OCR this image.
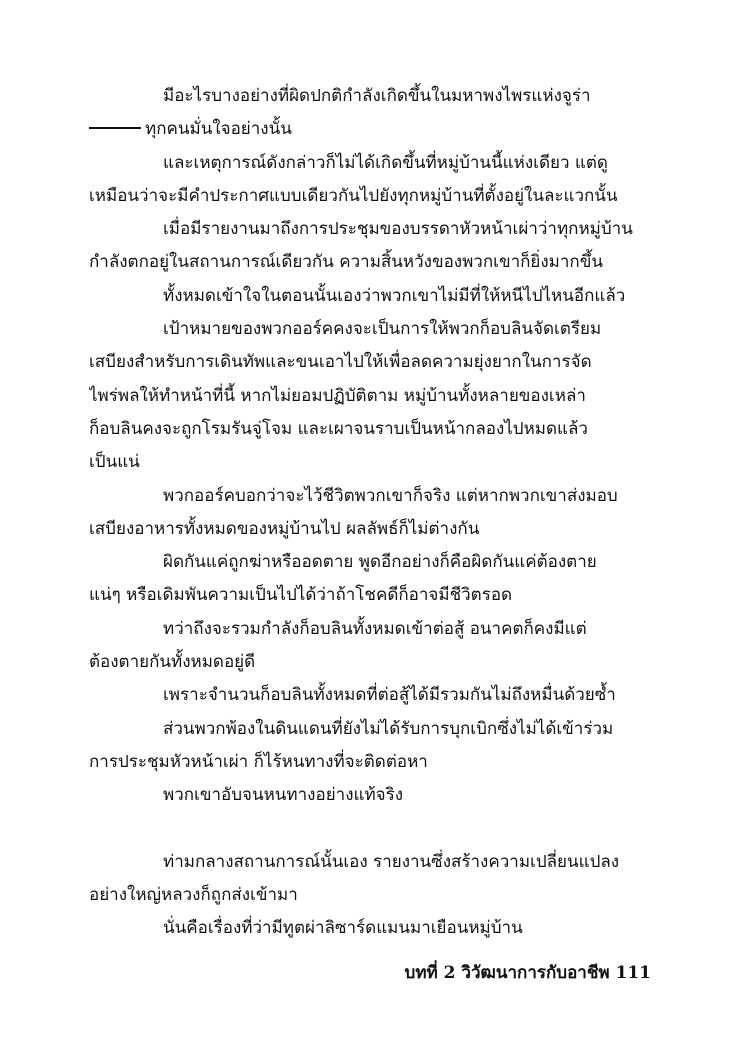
มีอะไรบางอย่างที่ผิดปกติกำลังเกิดขึ้นในมหาพงไพรแห่งจูร่า
ทุกคนมั่นใจอย่างนั้น
และเหตุการณ์ดังกล่าวก็ไม่ได้เกิดขึ้นที่หมู่บ้านนี้แห่งเดียว แต่ดู
เหมือนว่าจะมีคำประกาศแบบเดียวกันไปยังทุกหมู่บ้านที่ตั้งอยู่ในละแวกนั้น
เมื่อมีรายงานมาถึงการประชุมของบรรดาหัวหน้าเผ่าว่าทุกหมู่บ้าน
กำลังตกอยู่ในสถานการณ์เดียวกัน ความสิ้นหวังของพวกเขาก็ยิ่งมากขึ้น
ทั้งหมดเข้าใจในตอนนั้นเองว่าพวกเขาไม่มีที่ให้หนีไปไหนอีกแล้ว
เป้าหมายของพวกออร์คคงจะเป็นการให้พวกก็อบลินจัดเตรียม
เสบียงสำหรับการเดินทัพและขนเอาไปให้เพื่อลดความยุ่งยากในการจัด
ไพร่พลให้ทำหน้าที่นี้ หากไม่ยอมปฏิบัติตาม หมู่บ้านทั้งหลายของเหล่า
ก็อบลินคงจะถูกโรมรันจู่โจม และเผาจนราบเป็นหน้ากลองไปหมดแล้ว
เป็นแน่
พวกออร์คบอกว่าจะไว้ชีวิตพวกเขาก็จริง แต่หากพวกเขาส่งมอบ
เสบียงอาหารทั้งหมดของหมู่บ้านไป ผลลัพธ์ก็ไม่ต่างกัน
ผิดกันแค่ถูกฆ่าหรืออดตาย พูดอีกอย่างก็คือผิดกันแค่ต้องตาย
แน่ๆ หรือเดิมพันความเป็นไปได้ว่าถ้าโชคดีก็อาจมีชีวิตรอด
ทว่าถึงจะรวมกำลังก็อบลินทั้งหมดเข้าต่อสู้ อนาคตก็คงมีแต่
ต้องตายกันทั้งหมดอยู่ดี
เพราะจำนวนก็อบลินทั้งหมดที่ต่อสู้ได้มีรวมกันไม่ถึงหมื่นด้วยซ้ำ
ส่วนพวกพ้องในดินแดนที่ยังไม่ได้รับการบุกเบิกซึ่งไม่ได้เข้าร่วม
การประชุมหัวหน้าเผ่า ก็ไร้หนทางที่จะติดต่อหา
พวกเขาอับจนหนทางอย่างแท้จริง
ท่ามกลางสถานการณ์นั้นเอง รายงานซึ่งสร้างความเปลี่ยนแปลง
อย่างใหญ่หลวงก็ถูกส่งเข้ามา
นั่นคือเรื่องที่ว่ามีทูตผ่าลิซาร์ดแมนมาเยือนหมู่บ้าน
บทที่ 2 วิวัฒนาการกับอาชีพ 111
